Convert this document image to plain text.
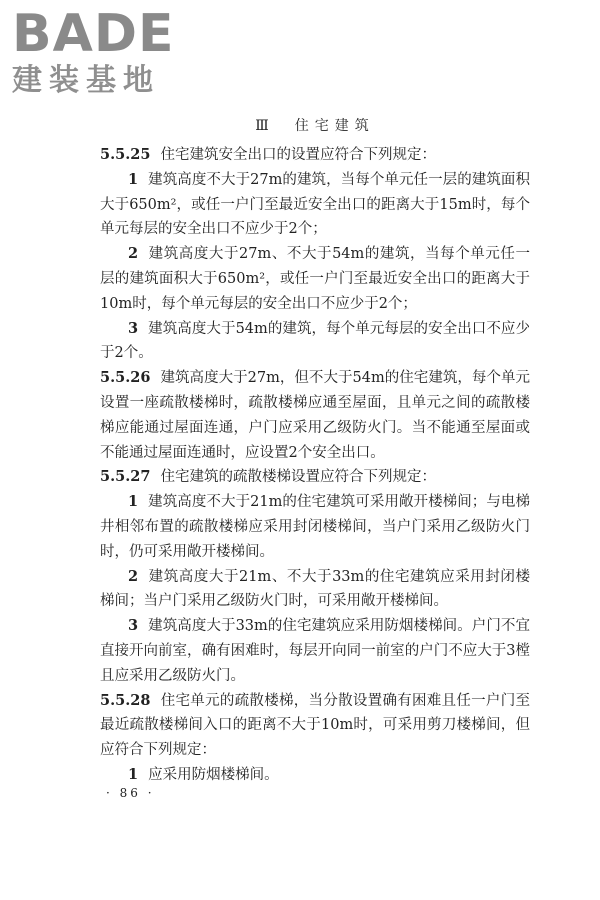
BADE
建装基地
Ⅲ　住宅建筑

5.5.25 住宅建筑安全出口的设置应符合下列规定：

1 建筑高度不大于27m的建筑，当每个单元任一层的建筑面积大于650m²，或任一户门至最近安全出口的距离大于15m时，每个单元每层的安全出口不应少于2个；

2 建筑高度大于27m、不大于54m的建筑，当每个单元任一层的建筑面积大于650m²，或任一户门至最近安全出口的距离大于10m时，每个单元每层的安全出口不应少于2个；

3 建筑高度大于54m的建筑，每个单元每层的安全出口不应少于2个。

5.5.26 建筑高度大于27m，但不大于54m的住宅建筑，每个单元设置一座疏散楼梯时，疏散楼梯应通至屋面，且单元之间的疏散楼梯应能通过屋面连通，户门应采用乙级防火门。当不能通至屋面或不能通过屋面连通时，应设置2个安全出口。

5.5.27 住宅建筑的疏散楼梯设置应符合下列规定：

1 建筑高度不大于21m的住宅建筑可采用敞开楼梯间；与电梯井相邻布置的疏散楼梯应采用封闭楼梯间，当户门采用乙级防火门时，仍可采用敞开楼梯间。

2 建筑高度大于21m、不大于33m的住宅建筑应采用封闭楼梯间；当户门采用乙级防火门时，可采用敞开楼梯间。

3 建筑高度大于33m的住宅建筑应采用防烟楼梯间。户门不宜直接开向前室，确有困难时，每层开向同一前室的户门不应大于3樘且应采用乙级防火门。

5.5.28 住宅单元的疏散楼梯，当分散设置确有困难且任一户门至最近疏散楼梯间入口的距离不大于10m时，可采用剪刀楼梯间，但应符合下列规定：

1 应采用防烟楼梯间。

· 86 ·
